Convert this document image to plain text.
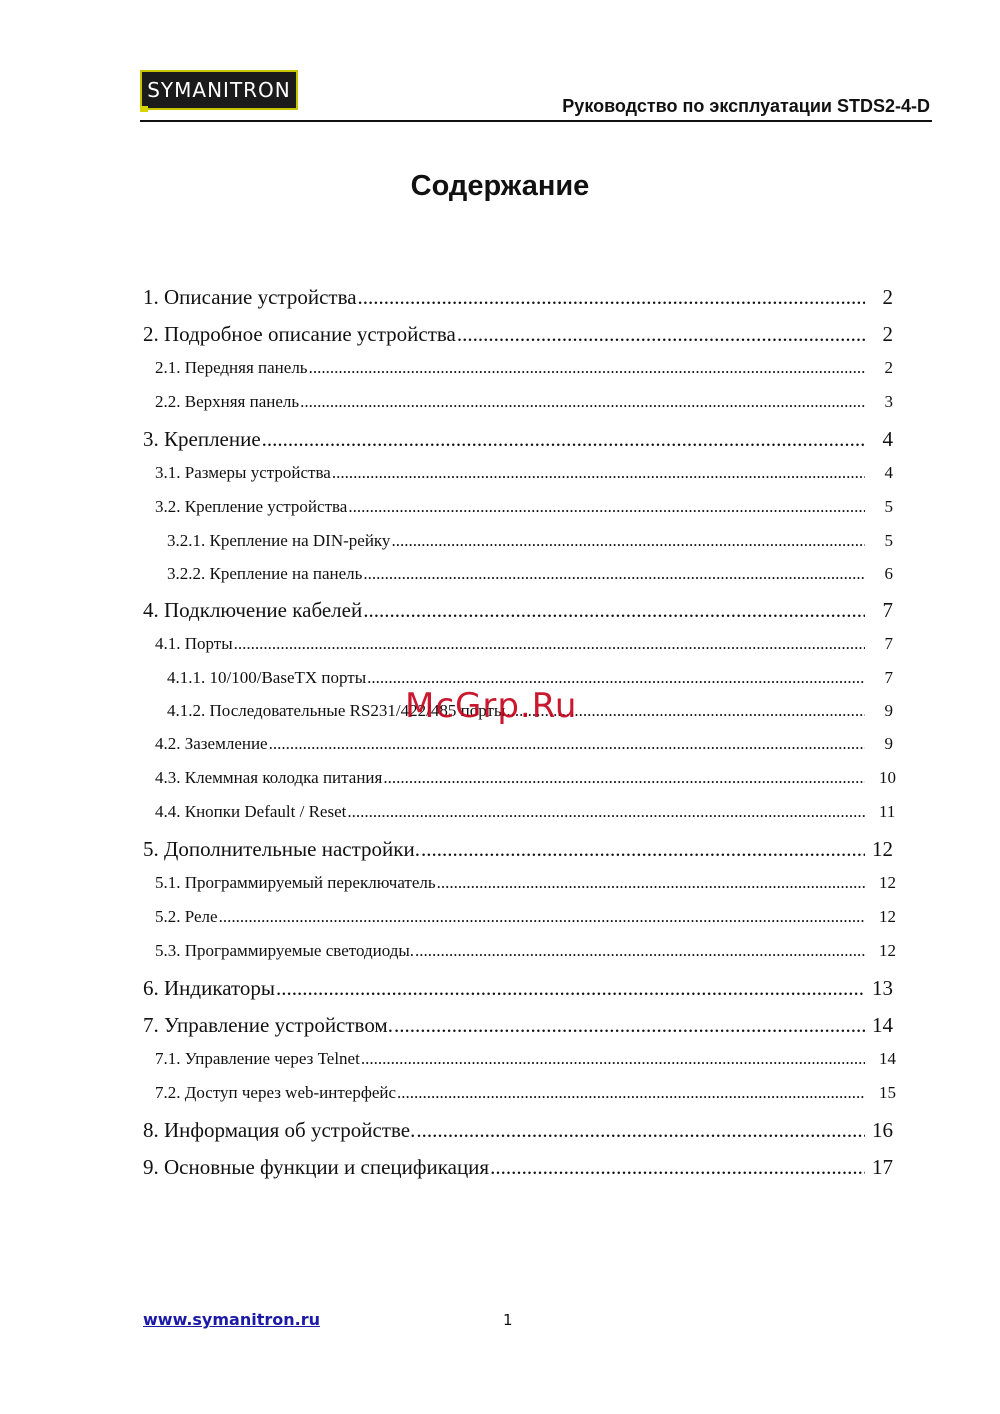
SYMANITRON
Руководство по эксплуатации STDS2-4-D
Содержание
1. Описание устройства .....	2
2. Подробное описание устройства .....	2
2.1. Передняя панель .....	2
2.2. Верхняя панель .....	3
3. Крепление .....	4
3.1. Размеры устройства .....	4
3.2. Крепление устройства .....	5
3.2.1. Крепление на DIN-рейку .....	5
3.2.2. Крепление на панель .....	6
4. Подключение кабелей .....	7
4.1. Порты .....	7
4.1.1. 10/100/BaseTX порты .....	7
4.1.2. Последовательные RS231/422/485 порты .....	9
4.2. Заземление .....	9
4.3. Клеммная колодка питания .....	10
4.4. Кнопки Default / Reset .....	11
5. Дополнительные настройки. .....	12
5.1. Программируемый переключатель .....	12
5.2. Реле .....	12
5.3. Программируемые светодиоды. .....	12
6. Индикаторы .....	13
7. Управление устройством. .....	14
7.1. Управление через Telnet .....	14
7.2. Доступ через web-интерфейс .....	15
8. Информация об устройстве. .....	16
9. Основные функции и спецификация .....	17
McGrp.Ru
www.symanitron.ru	1
